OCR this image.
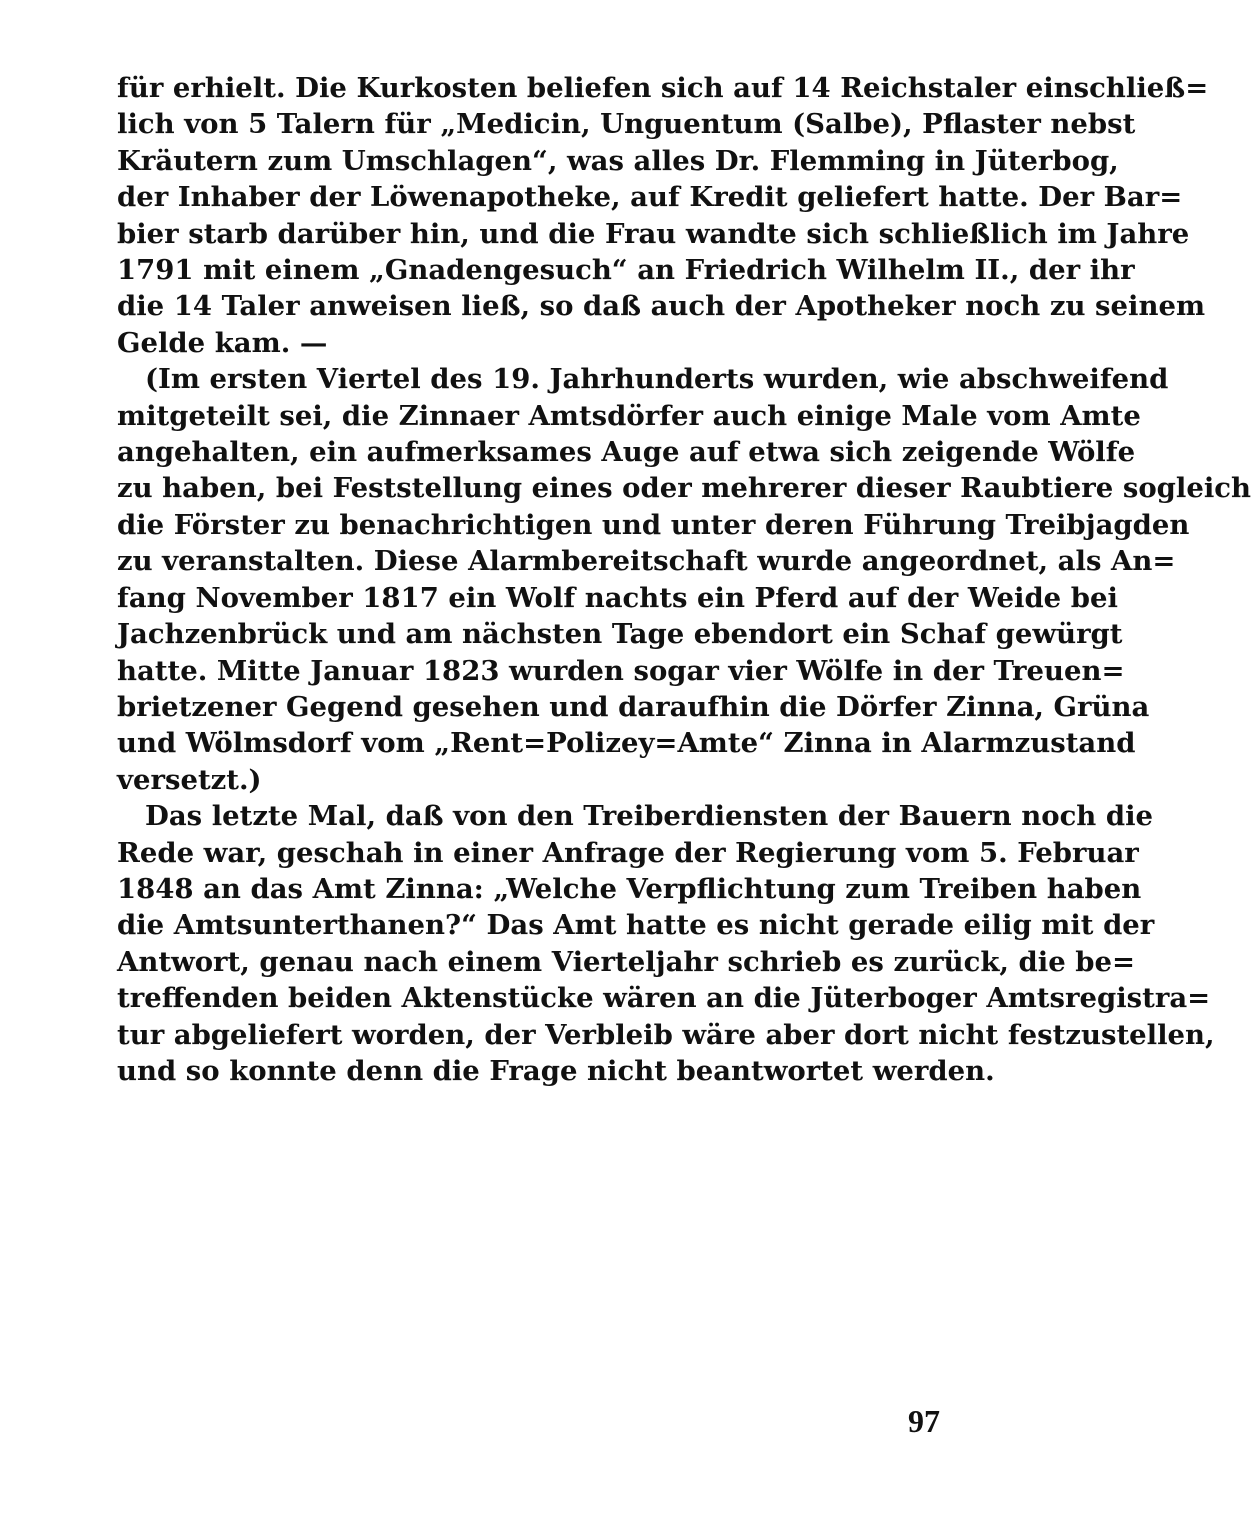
für erhielt. Die Kurkosten beliefen sich auf 14 Reichstaler einschließ=
lich von 5 Talern für „Medicin, Unguentum (Salbe), Pflaster nebst
Kräutern zum Umschlagen“, was alles Dr. Flemming in Jüterbog,
der Inhaber der Löwenapotheke, auf Kredit geliefert hatte. Der Bar=
bier starb darüber hin, und die Frau wandte sich schließlich im Jahre
1791 mit einem „Gnadengesuch“ an Friedrich Wilhelm II., der ihr
die 14 Taler anweisen ließ, so daß auch der Apotheker noch zu seinem
Gelde kam. —
(Im ersten Viertel des 19. Jahrhunderts wurden, wie abschweifend
mitgeteilt sei, die Zinnaer Amtsdörfer auch einige Male vom Amte
angehalten, ein aufmerksames Auge auf etwa sich zeigende Wölfe
zu haben, bei Feststellung eines oder mehrerer dieser Raubtiere sogleich
die Förster zu benachrichtigen und unter deren Führung Treibjagden
zu veranstalten. Diese Alarmbereitschaft wurde angeordnet, als An=
fang November 1817 ein Wolf nachts ein Pferd auf der Weide bei
Jachzenbrück und am nächsten Tage ebendort ein Schaf gewürgt
hatte. Mitte Januar 1823 wurden sogar vier Wölfe in der Treuen=
brietzener Gegend gesehen und daraufhin die Dörfer Zinna, Grüna
und Wölmsdorf vom „Rent=Polizey=Amte“ Zinna in Alarmzustand
versetzt.)
Das letzte Mal, daß von den Treiberdiensten der Bauern noch die
Rede war, geschah in einer Anfrage der Regierung vom 5. Februar
1848 an das Amt Zinna: „Welche Verpflichtung zum Treiben haben
die Amtsunterthanen?“ Das Amt hatte es nicht gerade eilig mit der
Antwort, genau nach einem Vierteljahr schrieb es zurück, die be=
treffenden beiden Aktenstücke wären an die Jüterboger Amtsregistra=
tur abgeliefert worden, der Verbleib wäre aber dort nicht festzustellen,
und so konnte denn die Frage nicht beantwortet werden.
97
